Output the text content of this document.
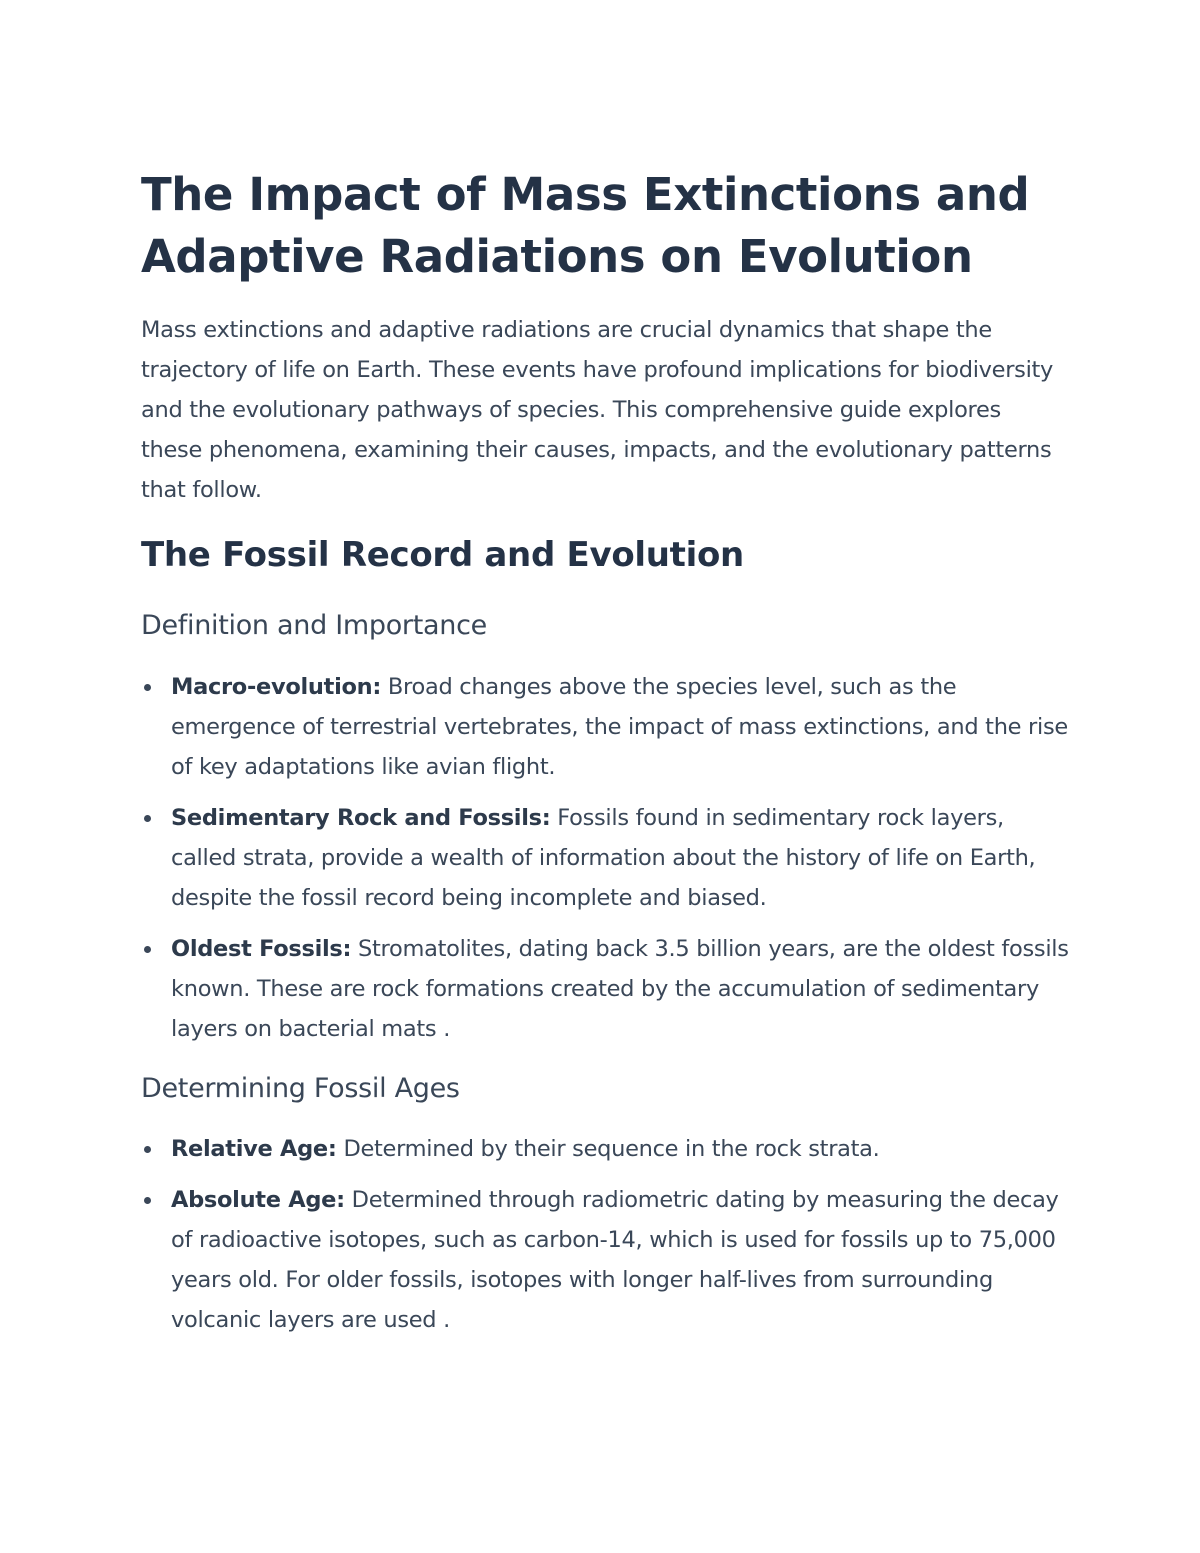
The Impact of Mass Extinctions and
Adaptive Radiations on Evolution

Mass extinctions and adaptive radiations are crucial dynamics that shape the trajectory of life on Earth. These events have profound implications for biodiversity and the evolutionary pathways of species. This comprehensive guide explores these phenomena, examining their causes, impacts, and the evolutionary patterns that follow.

The Fossil Record and Evolution
Definition and Importance
Macro-evolution: Broad changes above the species level, such as the emergence of terrestrial vertebrates, the impact of mass extinctions, and the rise of key adaptations like avian flight.
Sedimentary Rock and Fossils: Fossils found in sedimentary rock layers, called strata, provide a wealth of information about the history of life on Earth, despite the fossil record being incomplete and biased.
Oldest Fossils: Stromatolites, dating back 3.5 billion years, are the oldest fossils known. These are rock formations created by the accumulation of sedimentary layers on bacterial mats .
Determining Fossil Ages
Relative Age: Determined by their sequence in the rock strata.
Absolute Age: Determined through radiometric dating by measuring the decay of radioactive isotopes, such as carbon-14, which is used for fossils up to 75,000 years old. For older fossils, isotopes with longer half-lives from surrounding volcanic layers are used .
